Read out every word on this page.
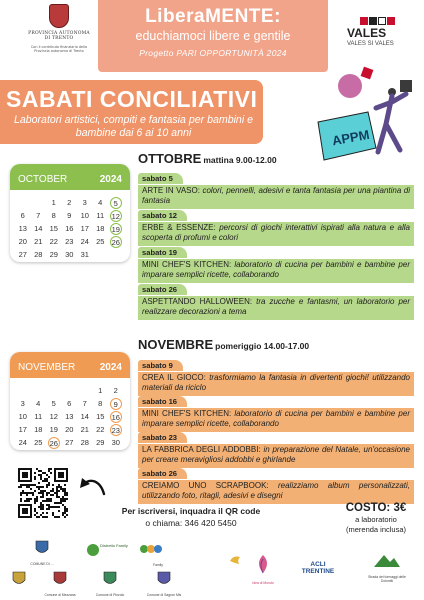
PROVINCIA AUTONOMA DI TRENTO
Con il contributo finanziario della Provincia autonoma di Trento
LiberaMENTE:
educhiamoci libere e gentile
Progetto PARI OPPORTUNITÀ 2024
VALES
VALES SI VALES
SABATI CONCILIATIVI
Laboratori artistici, compiti e fantasia per bambini e bambine dai 6 ai 10 anni	APPM
OCTOBER	2024
		1	2	3	4	5
6	7	8	9	10	11	12
13	14	15	16	17	18	19
20	21	22	23	24	25	26
27	28	29	30	31		
OTTOBRE mattina 9.00-12.00
sabato 5
ARTE IN VASO: colori, pennelli, adesivi e tanta fantasia per una piantina di fantasia
sabato 12
ERBE & ESSENZE: percorsi di giochi interattivi ispirati alla natura e alla scoperta di profumi e colori
sabato 19
MINI CHEF'S KITCHEN: laboratorio di cucina per bambini e bambine per imparare semplici ricette, collaborando
sabato 26
ASPETTANDO HALLOWEEN: tra zucche e fantasmi, un laboratorio per realizzare decorazioni a tema
NOVEMBER 2024
					1	2
3	4	5	6	7	8	9
10	11	12	13	14	15	16
17	18	19	20	21	22	23
24	25	26	27	28	29	30
NOVEMBRE pomeriggio 14.00-17.00
sabato 9
CREA IL GIOCO: trasformiamo la fantasia in divertenti giochi! utilizzando materiali da riciclo
sabato 16
MINI CHEF'S KITCHEN: laboratorio di cucina per bambini e bambine per imparare semplici ricette, collaborando
sabato 23
LA FABBRICA DEGLI ADDOBBI: in preparazione del Natale, un'occasione per creare meravigliosi addobbi e ghirlande
sabato 26
CREIAMO UNO SCRAPBOOK: realizziamo album personalizzati, utilizzando foto, ritagli, adesivi e disegni
Per iscriversi, inquadra il QR code
o chiama: 346 420 5450
COSTO: 3€
a laboratorio
(merenda inclusa)
COMUNE DI ...
Distretto Family
Family
Comune di Mezzana	Comune di Pinzolo	Comune di Sagron Mis
Idea di Mondo
ACLI TRENTINE
Strada dei formaggi delle Dolomiti
